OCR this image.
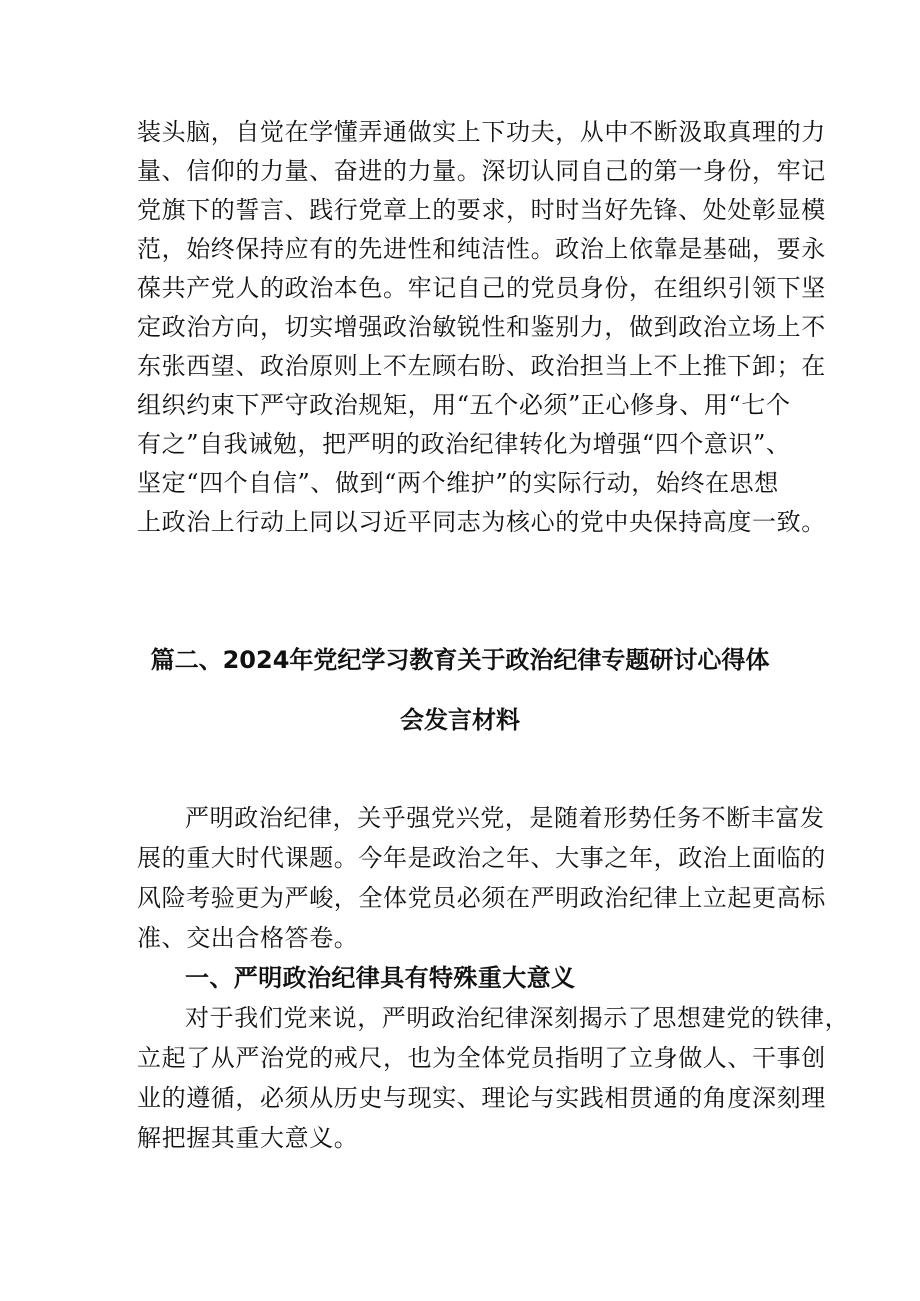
装头脑，自觉在学懂弄通做实上下功夫，从中不断汲取真理的力
量、信仰的力量、奋进的力量。深切认同自己的第一身份，牢记
党旗下的誓言、践行党章上的要求，时时当好先锋、处处彰显模
范，始终保持应有的先进性和纯洁性。政治上依靠是基础，要永
葆共产党人的政治本色。牢记自己的党员身份，在组织引领下坚
定政治方向，切实增强政治敏锐性和鉴别力，做到政治立场上不
东张西望、政治原则上不左顾右盼、政治担当上不上推下卸；在
组织约束下严守政治规矩，用“五个必须”正心修身、用“七个
有之”自我诫勉，把严明的政治纪律转化为增强“四个意识”、
坚定“四个自信”、做到“两个维护”的实际行动，始终在思想
上政治上行动上同以习近平同志为核心的党中央保持高度一致。
篇二、2024年党纪学习教育关于政治纪律专题研讨心得体
会发言材料
严明政治纪律，关乎强党兴党，是随着形势任务不断丰富发
展的重大时代课题。今年是政治之年、大事之年，政治上面临的
风险考验更为严峻，全体党员必须在严明政治纪律上立起更高标
准、交出合格答卷。
一、严明政治纪律具有特殊重大意义
对于我们党来说，严明政治纪律深刻揭示了思想建党的铁律，
立起了从严治党的戒尺，也为全体党员指明了立身做人、干事创
业的遵循，必须从历史与现实、理论与实践相贯通的角度深刻理
解把握其重大意义。
